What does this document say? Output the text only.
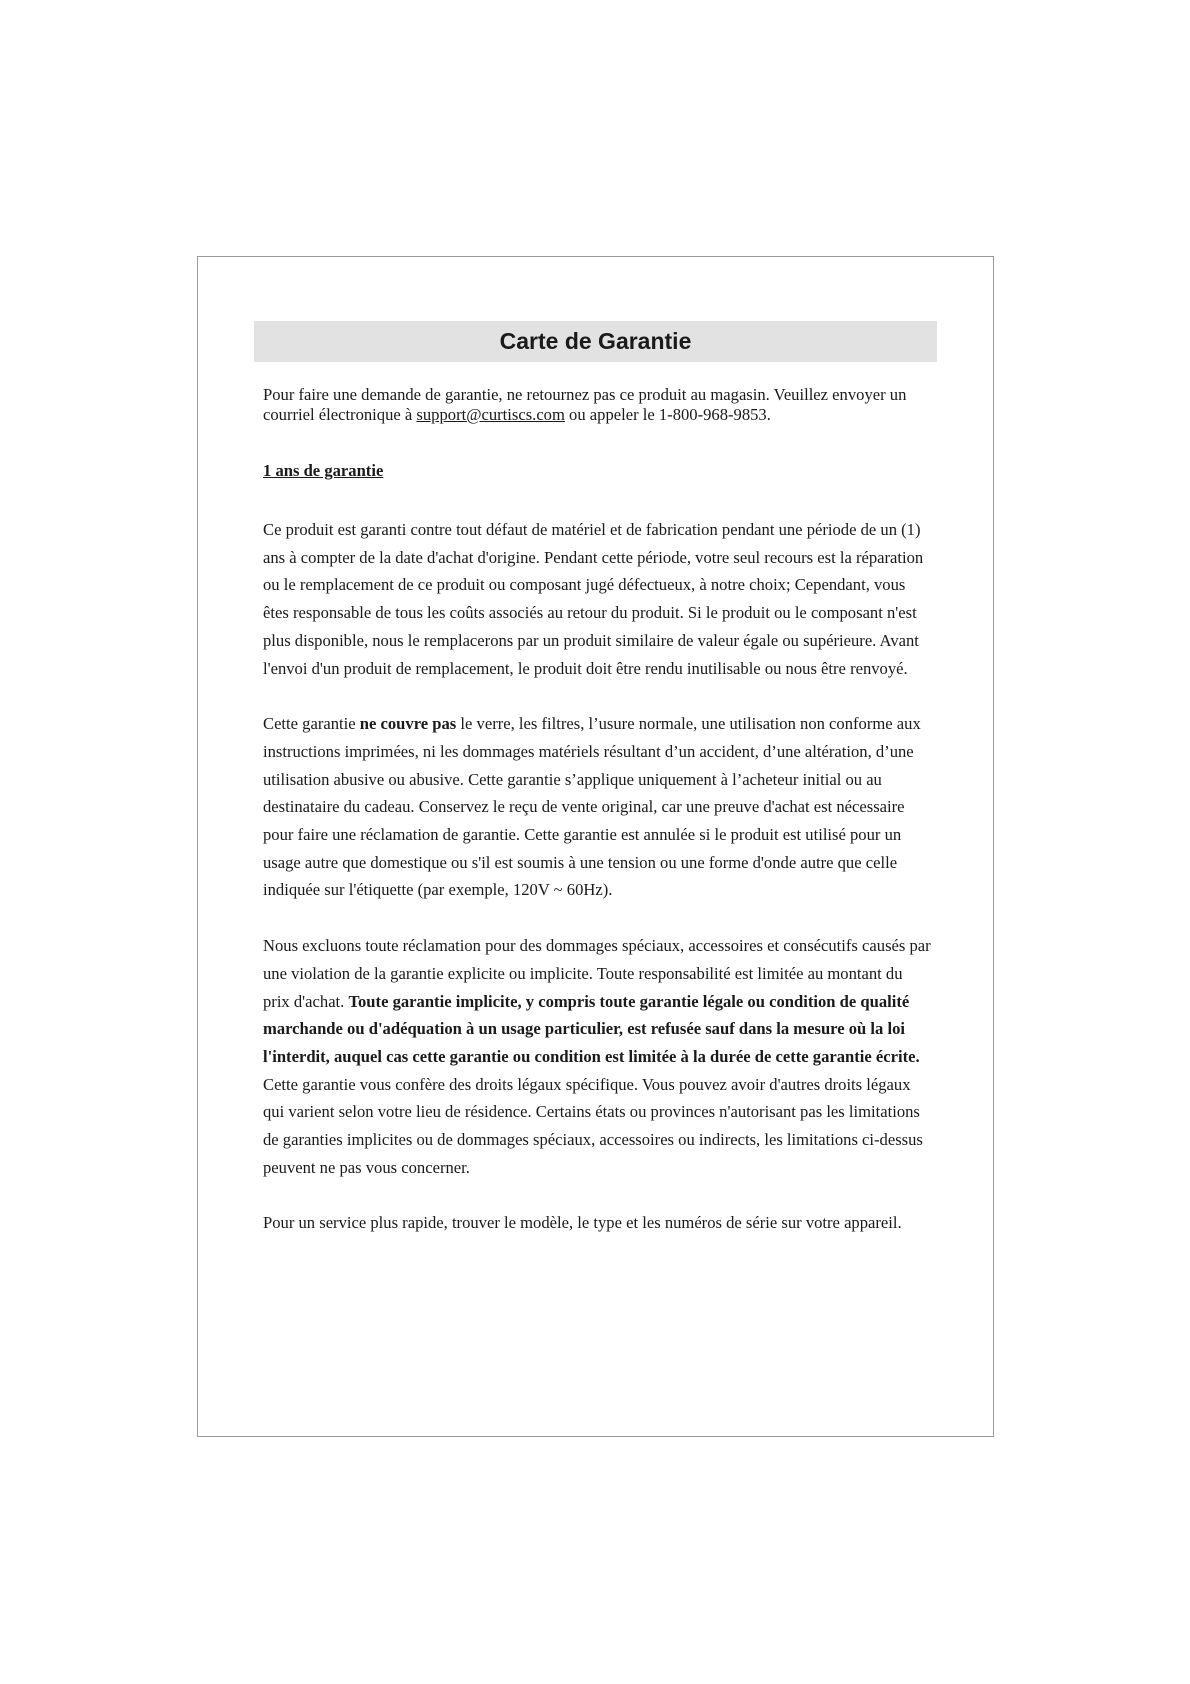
Carte de Garantie

Pour faire une demande de garantie, ne retournez pas ce produit au magasin. Veuillez envoyer un courriel électronique à support@curtiscs.com ou appeler le 1-800-968-9853.

1 ans de garantie

Ce produit est garanti contre tout défaut de matériel et de fabrication pendant une période de un (1) ans à compter de la date d'achat d'origine. Pendant cette période, votre seul recours est la réparation ou le remplacement de ce produit ou composant jugé défectueux, à notre choix; Cependant, vous êtes responsable de tous les coûts associés au retour du produit. Si le produit ou le composant n'est plus disponible, nous le remplacerons par un produit similaire de valeur égale ou supérieure. Avant l'envoi d'un produit de remplacement, le produit doit être rendu inutilisable ou nous être renvoyé.

Cette garantie ne couvre pas le verre, les filtres, l’usure normale, une utilisation non conforme aux instructions imprimées, ni les dommages matériels résultant d’un accident, d’une altération, d’une utilisation abusive ou abusive. Cette garantie s’applique uniquement à l’acheteur initial ou au destinataire du cadeau. Conservez le reçu de vente original, car une preuve d'achat est nécessaire pour faire une réclamation de garantie. Cette garantie est annulée si le produit est utilisé pour un usage autre que domestique ou s'il est soumis à une tension ou une forme d'onde autre que celle indiquée sur l'étiquette (par exemple, 120V ~ 60Hz).

Nous excluons toute réclamation pour des dommages spéciaux, accessoires et consécutifs causés par une violation de la garantie explicite ou implicite. Toute responsabilité est limitée au montant du prix d'achat. Toute garantie implicite, y compris toute garantie légale ou condition de qualité marchande ou d'adéquation à un usage particulier, est refusée sauf dans la mesure où la loi l'interdit, auquel cas cette garantie ou condition est limitée à la durée de cette garantie écrite. Cette garantie vous confère des droits légaux spécifique. Vous pouvez avoir d'autres droits légaux qui varient selon votre lieu de résidence. Certains états ou provinces n'autorisant pas les limitations de garanties implicites ou de dommages spéciaux, accessoires ou indirects, les limitations ci-dessus peuvent ne pas vous concerner.

Pour un service plus rapide, trouver le modèle, le type et les numéros de série sur votre appareil.
